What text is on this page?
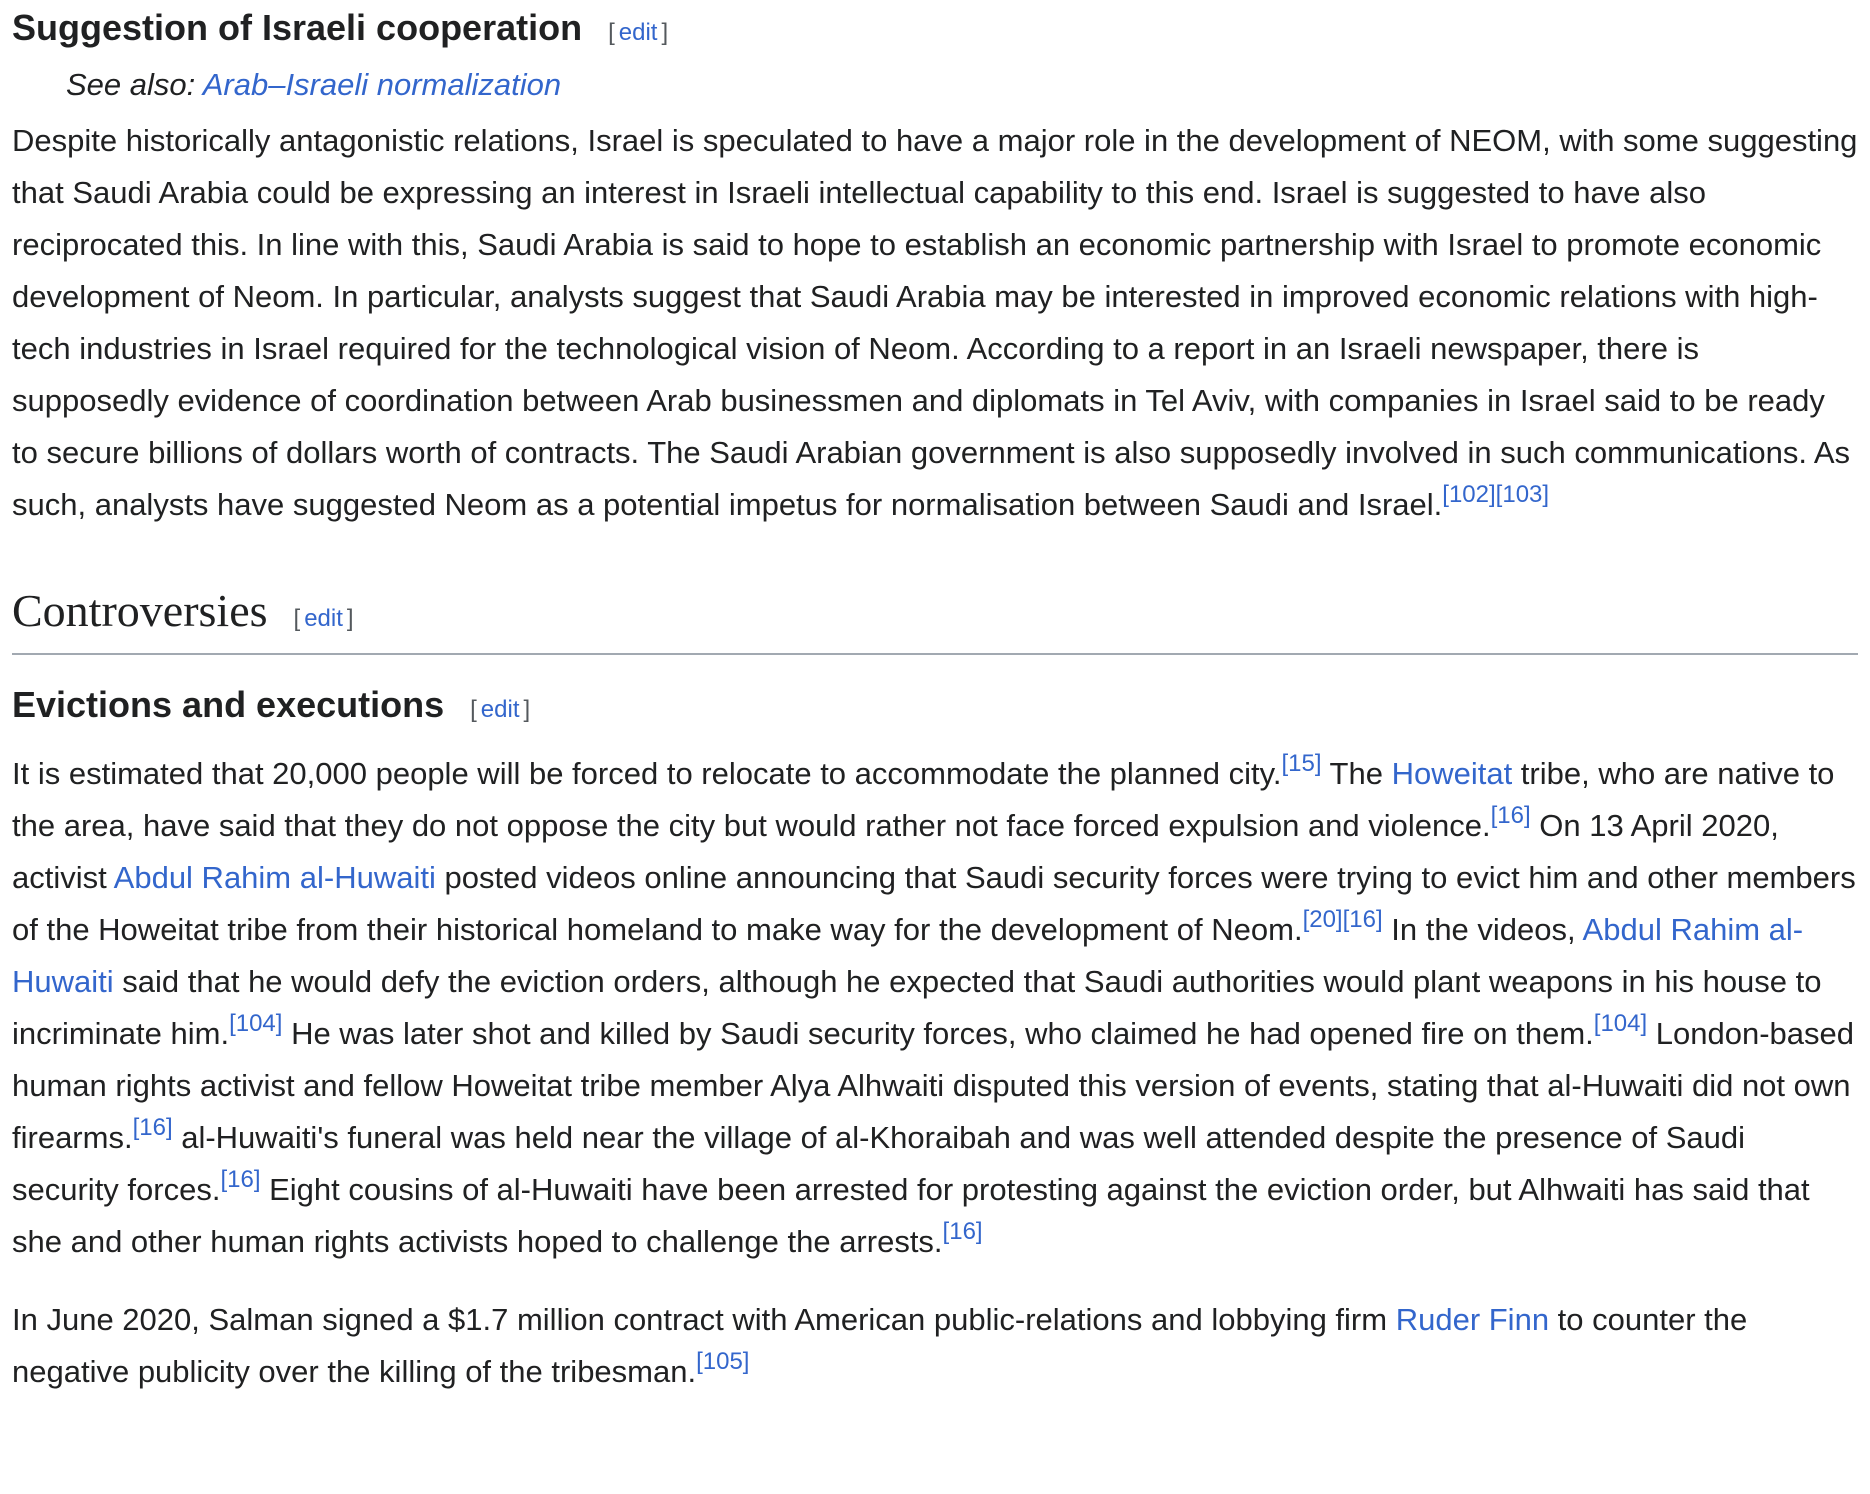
Suggestion of Israeli cooperation [ edit ]
See also: Arab–Israeli normalization

Despite historically antagonistic relations, Israel is speculated to have a major role in the development of NEOM, with some suggesting that Saudi Arabia could be expressing an interest in Israeli intellectual capability to this end. Israel is suggested to have also reciprocated this. In line with this, Saudi Arabia is said to hope to establish an economic partnership with Israel to promote economic development of Neom. In particular, analysts suggest that Saudi Arabia may be interested in improved economic relations with high-tech industries in Israel required for the technological vision of Neom. According to a report in an Israeli newspaper, there is supposedly evidence of coordination between Arab businessmen and diplomats in Tel Aviv, with companies in Israel said to be ready to secure billions of dollars worth of contracts. The Saudi Arabian government is also supposedly involved in such communications. As such, analysts have suggested Neom as a potential impetus for normalisation between Saudi and Israel.[102][103]

Controversies [ edit ]
Evictions and executions [ edit ]

It is estimated that 20,000 people will be forced to relocate to accommodate the planned city.[15] The Howeitat tribe, who are native to the area, have said that they do not oppose the city but would rather not face forced expulsion and violence.[16] On 13 April 2020, activist Abdul Rahim al-Huwaiti posted videos online announcing that Saudi security forces were trying to evict him and other members of the Howeitat tribe from their historical homeland to make way for the development of Neom.[20][16] In the videos, Abdul Rahim al-Huwaiti said that he would defy the eviction orders, although he expected that Saudi authorities would plant weapons in his house to incriminate him.[104] He was later shot and killed by Saudi security forces, who claimed he had opened fire on them.[104] London-based human rights activist and fellow Howeitat tribe member Alya Alhwaiti disputed this version of events, stating that al-Huwaiti did not own firearms.[16] al-Huwaiti's funeral was held near the village of al-Khoraibah and was well attended despite the presence of Saudi security forces.[16] Eight cousins of al-Huwaiti have been arrested for protesting against the eviction order, but Alhwaiti has said that she and other human rights activists hoped to challenge the arrests.[16]

In June 2020, Salman signed a $1.7 million contract with American public-relations and lobbying firm Ruder Finn to counter the negative publicity over the killing of the tribesman.[105]
